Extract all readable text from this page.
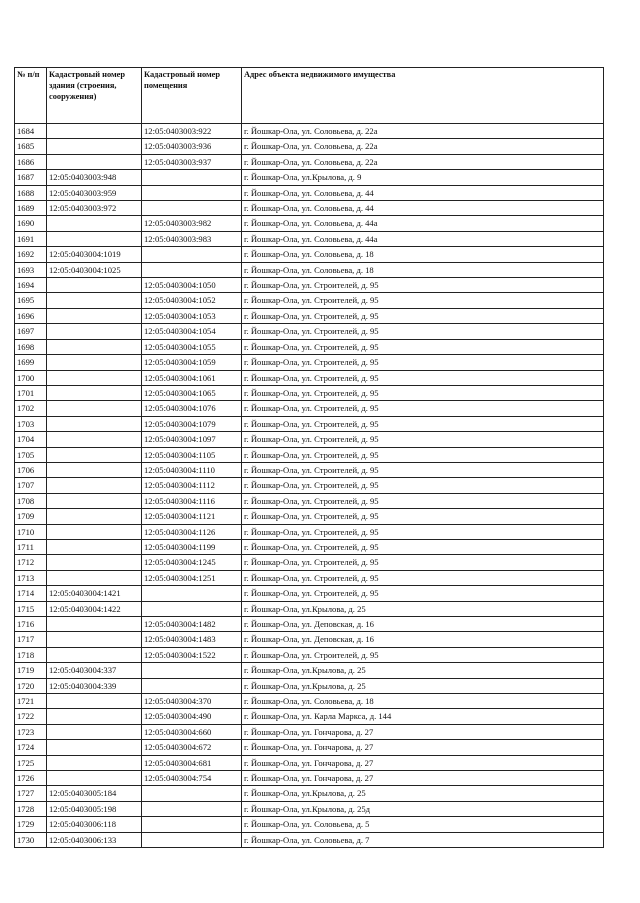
№ п/п	Кадастровый номер здания (строения, сооружения)	Кадастровый номер помещения	Адрес объекта недвижимого имущества
1684		12:05:0403003:922	г. Йошкар-Ола, ул. Соловьева, д. 22а
1685		12:05:0403003:936	г. Йошкар-Ола, ул. Соловьева, д. 22а
1686		12:05:0403003:937	г. Йошкар-Ола, ул. Соловьева, д. 22а
1687	12:05:0403003:948		г. Йошкар-Ола, ул.Крылова, д. 9
1688	12:05:0403003:959		г. Йошкар-Ола, ул. Соловьева, д. 44
1689	12:05:0403003:972		г. Йошкар-Ола, ул. Соловьева, д. 44
1690		12:05:0403003:982	г. Йошкар-Ола, ул. Соловьева, д. 44а
1691		12:05:0403003:983	г. Йошкар-Ола, ул. Соловьева, д. 44а
1692	12:05:0403004:1019		г. Йошкар-Ола, ул. Соловьева, д. 18
1693	12:05:0403004:1025		г. Йошкар-Ола, ул. Соловьева, д. 18
1694		12:05:0403004:1050	г. Йошкар-Ола, ул. Строителей, д. 95
1695		12:05:0403004:1052	г. Йошкар-Ола, ул. Строителей, д. 95
1696		12:05:0403004:1053	г. Йошкар-Ола, ул. Строителей, д. 95
1697		12:05:0403004:1054	г. Йошкар-Ола, ул. Строителей, д. 95
1698		12:05:0403004:1055	г. Йошкар-Ола, ул. Строителей, д. 95
1699		12:05:0403004:1059	г. Йошкар-Ола, ул. Строителей, д. 95
1700		12:05:0403004:1061	г. Йошкар-Ола, ул. Строителей, д. 95
1701		12:05:0403004:1065	г. Йошкар-Ола, ул. Строителей, д. 95
1702		12:05:0403004:1076	г. Йошкар-Ола, ул. Строителей, д. 95
1703		12:05:0403004:1079	г. Йошкар-Ола, ул. Строителей, д. 95
1704		12:05:0403004:1097	г. Йошкар-Ола, ул. Строителей, д. 95
1705		12:05:0403004:1105	г. Йошкар-Ола, ул. Строителей, д. 95
1706		12:05:0403004:1110	г. Йошкар-Ола, ул. Строителей, д. 95
1707		12:05:0403004:1112	г. Йошкар-Ола, ул. Строителей, д. 95
1708		12:05:0403004:1116	г. Йошкар-Ола, ул. Строителей, д. 95
1709		12:05:0403004:1121	г. Йошкар-Ола, ул. Строителей, д. 95
1710		12:05:0403004:1126	г. Йошкар-Ола, ул. Строителей, д. 95
1711		12:05:0403004:1199	г. Йошкар-Ола, ул. Строителей, д. 95
1712		12:05:0403004:1245	г. Йошкар-Ола, ул. Строителей, д. 95
1713		12:05:0403004:1251	г. Йошкар-Ола, ул. Строителей, д. 95
1714	12:05:0403004:1421		г. Йошкар-Ола, ул. Строителей, д. 95
1715	12:05:0403004:1422		г. Йошкар-Ола, ул.Крылова, д. 25
1716		12:05:0403004:1482	г. Йошкар-Ола, ул. Деповская, д. 16
1717		12:05:0403004:1483	г. Йошкар-Ола, ул. Деповская, д. 16
1718		12:05:0403004:1522	г. Йошкар-Ола, ул. Строителей, д. 95
1719	12:05:0403004:337		г. Йошкар-Ола, ул.Крылова, д. 25
1720	12:05:0403004:339		г. Йошкар-Ола, ул.Крылова, д. 25
1721		12:05:0403004:370	г. Йошкар-Ола, ул. Соловьева, д. 18
1722		12:05:0403004:490	г. Йошкар-Ола, ул. Карла Маркса, д. 144
1723		12:05:0403004:660	г. Йошкар-Ола, ул. Гончарова, д. 27
1724		12:05:0403004:672	г. Йошкар-Ола, ул. Гончарова, д. 27
1725		12:05:0403004:681	г. Йошкар-Ола, ул. Гончарова, д. 27
1726		12:05:0403004:754	г. Йошкар-Ола, ул. Гончарова, д. 27
1727	12:05:0403005:184		г. Йошкар-Ола, ул.Крылова, д. 25
1728	12:05:0403005:198		г. Йошкар-Ола, ул.Крылова, д. 25д
1729	12:05:0403006:118		г. Йошкар-Ола, ул. Соловьева, д. 5
1730	12:05:0403006:133		г. Йошкар-Ола, ул. Соловьева, д. 7
